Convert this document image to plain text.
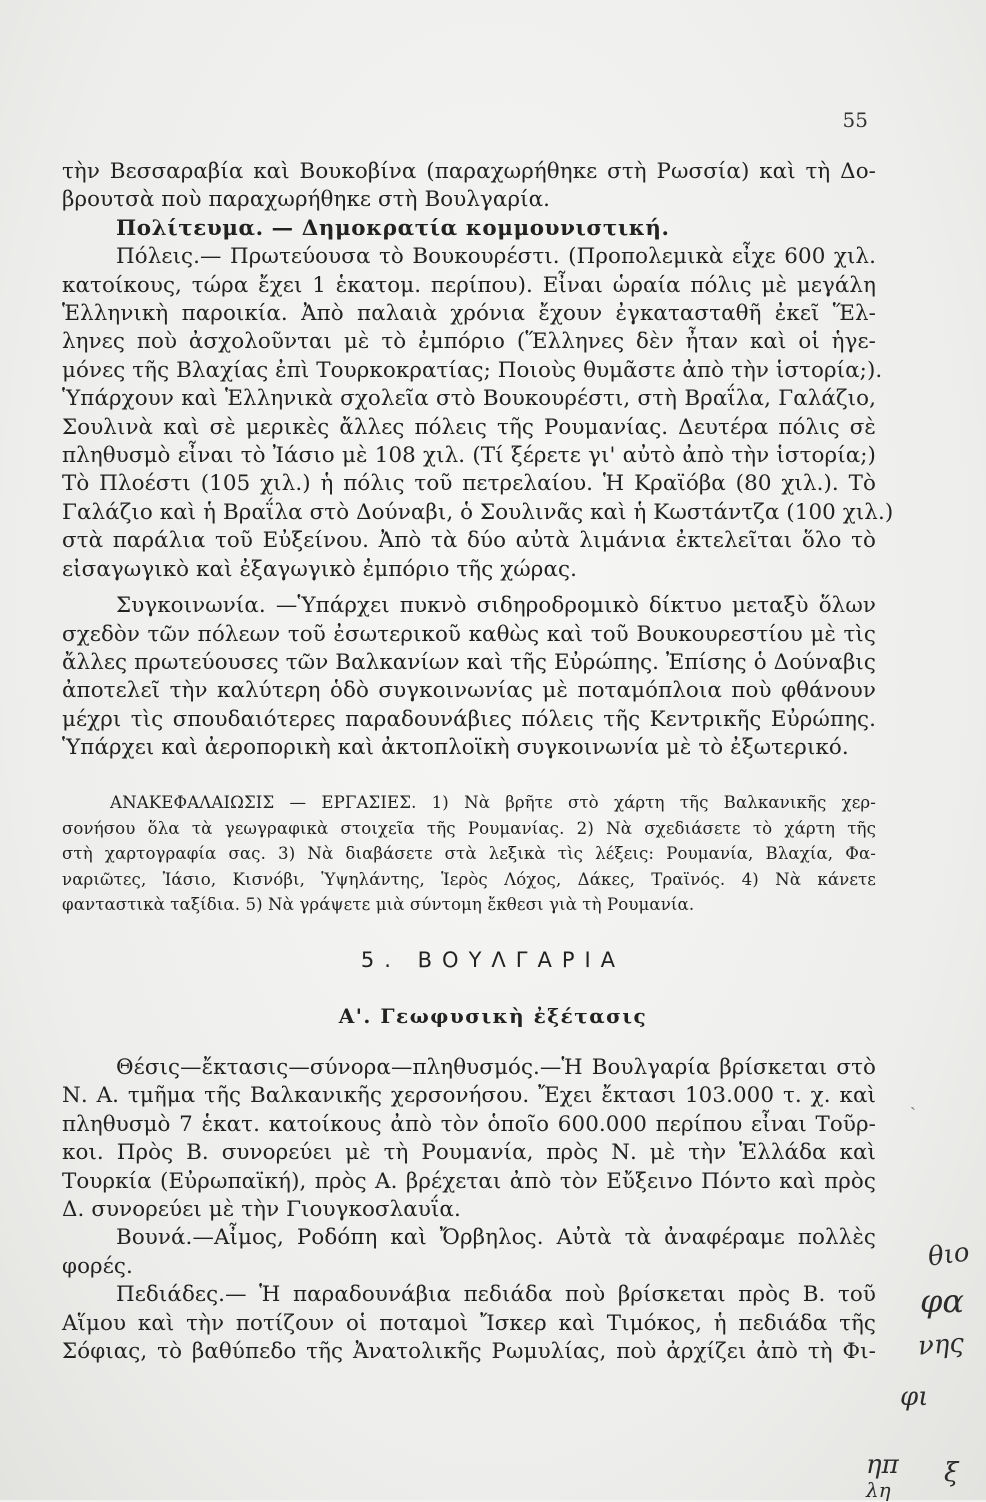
55
τὴν Βεσσαραβία καὶ Βουκοβίνα (παραχωρήθηκε στὴ Ρωσσία) καὶ τὴ Δο-
βρουτσὰ ποὺ παραχωρήθηκε στὴ Βουλγαρία.
Πολίτευμα. — Δημοκρατία κομμουνιστική.
Πόλεις.— Πρωτεύουσα τὸ Βουκουρέστι. (Προπολεμικὰ εἶχε 600 χιλ.
κατοίκους, τώρα ἔχει 1 ἑκατομ. περίπου). Εἶναι ὡραία πόλις μὲ μεγάλη
Ἑλληνικὴ παροικία. Ἀπὸ παλαιὰ χρόνια ἔχουν ἐγκατασταθῆ ἐκεῖ Ἕλ-
ληνες ποὺ ἀσχολοῦνται μὲ τὸ ἐμπόριο (Ἕλληνες δὲν ἦταν καὶ οἱ ἡγε-
μόνες τῆς Βλαχίας ἐπὶ Τουρκοκρατίας; Ποιοὺς θυμᾶστε ἀπὸ τὴν ἱστορία;).
Ὑπάρχουν καὶ Ἑλληνικὰ σχολεῖα στὸ Βουκουρέστι, στὴ Βραΐλα, Γαλάζιο,
Σουλινὰ καὶ σὲ μερικὲς ἄλλες πόλεις τῆς Ρουμανίας. Δευτέρα πόλις σὲ
πληθυσμὸ εἶναι τὸ Ἰάσιο μὲ 108 χιλ. (Τί ξέρετε γι' αὐτὸ ἀπὸ τὴν ἱστορία;)
Τὸ Πλοέστι (105 χιλ.) ἡ πόλις τοῦ πετρελαίου. Ἡ Κραϊόβα (80 χιλ.). Τὸ
Γαλάζιο καὶ ἡ Βραΐλα στὸ Δούναβι, ὁ Σουλινᾶς καὶ ἡ Κωστάντζα (100 χιλ.)
στὰ παράλια τοῦ Εὐξείνου. Ἀπὸ τὰ δύο αὐτὰ λιμάνια ἐκτελεῖται ὅλο τὸ
εἰσαγωγικὸ καὶ ἐξαγωγικὸ ἐμπόριο τῆς χώρας.
Συγκοινωνία. —Ὑπάρχει πυκνὸ σιδηροδρομικὸ δίκτυο μεταξὺ ὅλων
σχεδὸν τῶν πόλεων τοῦ ἐσωτερικοῦ καθὼς καὶ τοῦ Βουκουρεστίου μὲ τὶς
ἄλλες πρωτεύουσες τῶν Βαλκανίων καὶ τῆς Εὐρώπης. Ἐπίσης ὁ Δούναβις
ἀποτελεῖ τὴν καλύτερη ὁδὸ συγκοινωνίας μὲ ποταμόπλοια ποὺ φθάνουν
μέχρι τὶς σπουδαιότερες παραδουνάβιες πόλεις τῆς Κεντρικῆς Εὐρώπης.
Ὑπάρχει καὶ ἀεροπορικὴ καὶ ἀκτοπλοϊκὴ συγκοινωνία μὲ τὸ ἐξωτερικό.
ΑΝΑΚΕΦΑΛΑΙΩΣΙΣ — ΕΡΓΑΣΙΕΣ. 1) Νὰ βρῆτε στὸ χάρτη τῆς Βαλκανικῆς χερ-
σονήσου ὅλα τὰ γεωγραφικὰ στοιχεῖα τῆς Ρουμανίας. 2) Νὰ σχεδιάσετε τὸ χάρτη τῆς
στὴ χαρτογραφία σας. 3) Νὰ διαβάσετε στὰ λεξικὰ τὶς λέξεις: Ρουμανία, Βλαχία, Φα-
ναριῶτες, Ἰάσιο, Κισνόβι, Ὑψηλάντης, Ἱερὸς Λόχος, Δάκες, Τραϊνός. 4) Νὰ κάνετε
φανταστικὰ ταξίδια. 5) Νὰ γράψετε μιὰ σύντομη ἔκθεσι γιὰ τὴ Ρουμανία.
5. ΒΟΥΛΓΑΡΙΑ
Α'. Γεωφυσικὴ ἐξέτασις
Θέσις—ἔκτασις—σύνορα—πληθυσμός.—Ἡ Βουλγαρία βρίσκεται στὸ
Ν. Α. τμῆμα τῆς Βαλκανικῆς χερσονήσου. Ἔχει ἔκτασι 103.000 τ. χ. καὶ
πληθυσμὸ 7 ἑκατ. κατοίκους ἀπὸ τὸν ὁποῖο 600.000 περίπου εἶναι Τοῦρ-
κοι. Πρὸς Β. συνορεύει μὲ τὴ Ρουμανία, πρὸς Ν. μὲ τὴν Ἑλλάδα καὶ
Τουρκία (Εὐρωπαϊκή), πρὸς Α. βρέχεται ἀπὸ τὸν Εὔξεινο Πόντο καὶ πρὸς
Δ. συνορεύει μὲ τὴν Γιουγκοσλαυΐα.
Βουνά.—Αἶμος, Ροδόπη καὶ Ὄρβηλος. Αὐτὰ τὰ ἀναφέραμε πολλὲς
φορές.
Πεδιάδες.— Ἡ παραδουνάβια πεδιάδα ποὺ βρίσκεται πρὸς Β. τοῦ
Αἵμου καὶ τὴν ποτίζουν οἱ ποταμοὶ Ἴσκερ καὶ Τιμόκος, ἡ πεδιάδα τῆς
Σόφιας, τὸ βαθύπεδο τῆς Ἀνατολικῆς Ρωμυλίας, ποὺ ἀρχίζει ἀπὸ τὴ Φι-
ˎ
θιο
φα
νης
φι
ηπ
λη
ξ
